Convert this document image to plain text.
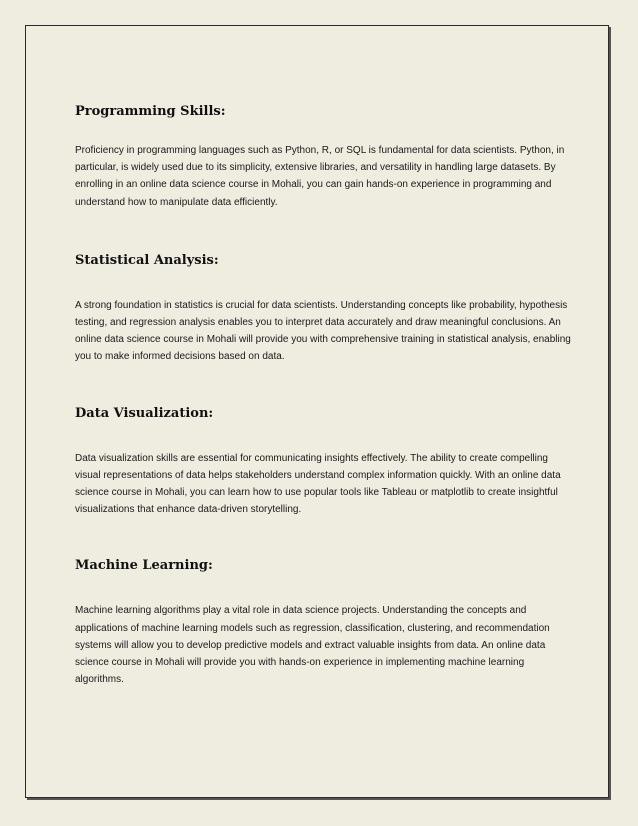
Programming Skills:

Proficiency in programming languages such as Python, R, or SQL is fundamental for data scientists. Python, in particular, is widely used due to its simplicity, extensive libraries, and versatility in handling large datasets. By enrolling in an online data science course in Mohali, you can gain hands-on experience in programming and understand how to manipulate data efficiently.

Statistical Analysis:

A strong foundation in statistics is crucial for data scientists. Understanding concepts like probability, hypothesis testing, and regression analysis enables you to interpret data accurately and draw meaningful conclusions. An online data science course in Mohali will provide you with comprehensive training in statistical analysis, enabling you to make informed decisions based on data.

Data Visualization:

Data visualization skills are essential for communicating insights effectively. The ability to create compelling visual representations of data helps stakeholders understand complex information quickly. With an online data science course in Mohali, you can learn how to use popular tools like Tableau or matplotlib to create insightful visualizations that enhance data-driven storytelling.

Machine Learning:

Machine learning algorithms play a vital role in data science projects. Understanding the concepts and applications of machine learning models such as regression, classification, clustering, and recommendation systems will allow you to develop predictive models and extract valuable insights from data. An online data science course in Mohali will provide you with hands-on experience in implementing machine learning algorithms.
